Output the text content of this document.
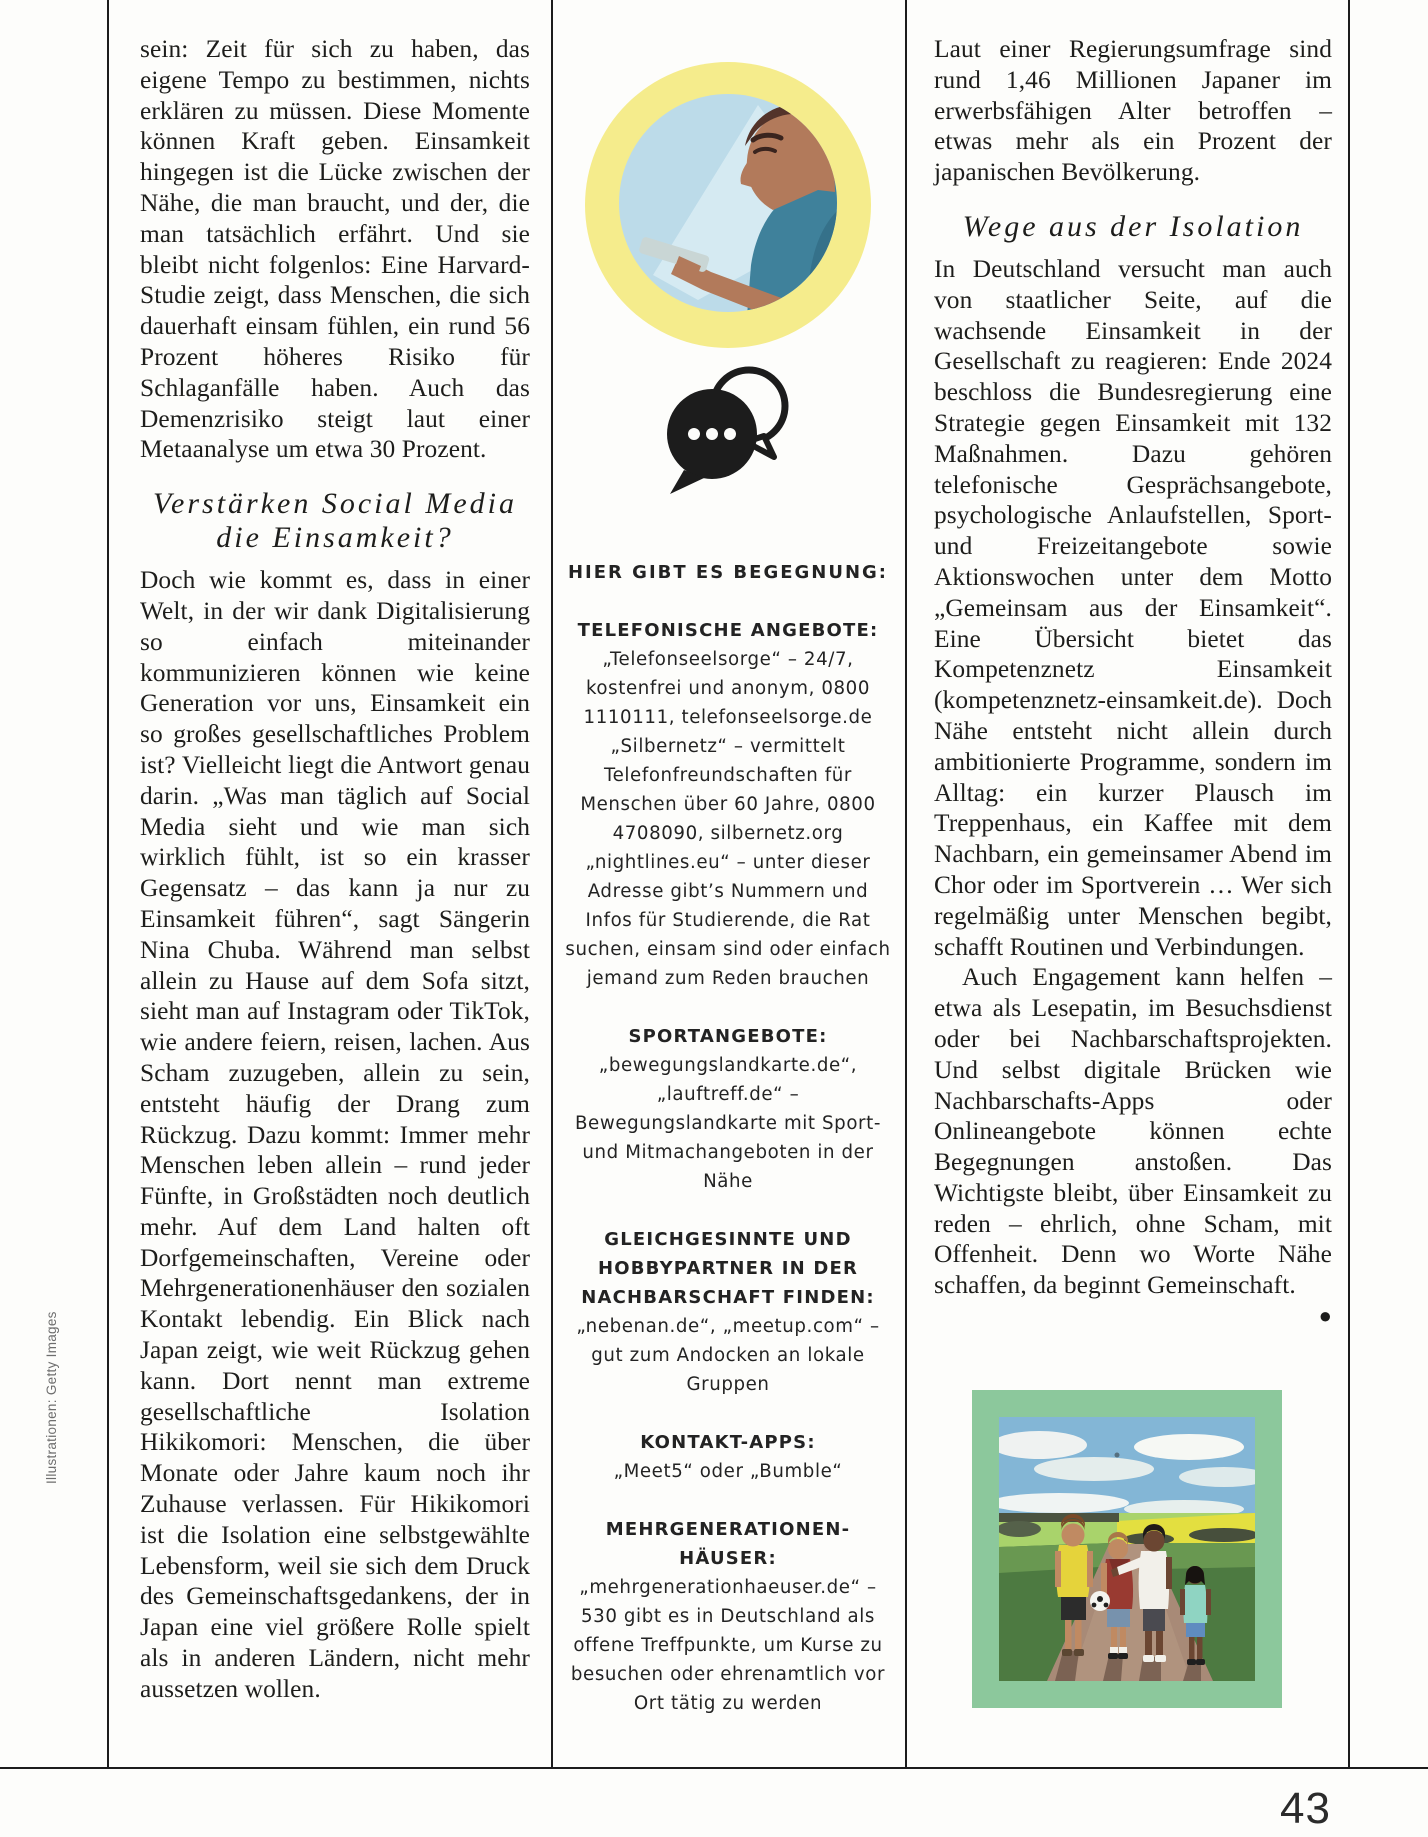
Illustrationen: Getty Images

sein: Zeit für sich zu haben, das eigene Tempo zu bestimmen, nichts erklären zu müssen. Diese Momente können Kraft geben. Einsamkeit hingegen ist die Lücke zwischen der Nähe, die man braucht, und der, die man tatsächlich erfährt. Und sie bleibt nicht folgenlos: Eine Harvard-Studie zeigt, dass Menschen, die sich dauerhaft einsam fühlen, ein rund 56 Prozent höheres Risiko für Schlaganfälle haben. Auch das Demenzrisiko steigt laut einer Metaanalyse um etwa 30 Prozent.

Verstärken Social Media die Einsamkeit?

Doch wie kommt es, dass in einer Welt, in der wir dank Digitalisierung so einfach miteinander kommunizieren können wie keine Generation vor uns, Einsamkeit ein so großes gesellschaftliches Problem ist? Vielleicht liegt die Antwort genau darin. „Was man täglich auf Social Media sieht und wie man sich wirklich fühlt, ist so ein krasser Gegensatz – das kann ja nur zu Einsamkeit führen“, sagt Sängerin Nina Chuba. Während man selbst allein zu Hause auf dem Sofa sitzt, sieht man auf Instagram oder TikTok, wie andere feiern, reisen, lachen. Aus Scham zuzugeben, allein zu sein, entsteht häufig der Drang zum Rückzug. Dazu kommt: Immer mehr Menschen leben allein – rund jeder Fünfte, in Großstädten noch deutlich mehr. Auf dem Land halten oft Dorfgemeinschaften, Vereine oder Mehrgenerationenhäuser den sozialen Kontakt lebendig. Ein Blick nach Japan zeigt, wie weit Rückzug gehen kann. Dort nennt man extreme gesellschaftliche Isolation Hikikomori: Menschen, die über Monate oder Jahre kaum noch ihr Zuhause verlassen. Für Hikikomori ist die Isolation eine selbstgewählte Lebensform, weil sie sich dem Druck des Gemeinschaftsgedankens, der in Japan eine viel größere Rolle spielt als in anderen Ländern, nicht mehr aussetzen wollen.

HIER GIBT ES BEGEGNUNG:
TELEFONISCHE ANGEBOTE:
„Telefonseelsorge“ – 24/7, kostenfrei und anonym, 0800 1110111, telefonseelsorge.de „Silbernetz“ – vermittelt Telefonfreundschaften für Menschen über 60 Jahre, 0800 4708090, silbernetz.org „nightlines.eu“ – unter dieser Adresse gibt’s Nummern und Infos für Studierende, die Rat suchen, einsam sind oder einfach jemand zum Reden brauchen
SPORTANGEBOTE:
„bewegungslandkarte.de“, „lauftreff.de“ – Bewegungslandkarte mit Sport- und Mitmachangeboten in der Nähe
GLEICHGESINNTE UND HOBBYPARTNER IN DER NACHBARSCHAFT FINDEN:
„nebenan.de“, „meetup.com“ – gut zum Andocken an lokale Gruppen
KONTAKT-APPS:
„Meet5“ oder „Bumble“
MEHRGENERATIONEN-HÄUSER:
„mehrgenerationhaeuser.de“ – 530 gibt es in Deutschland als offene Treffpunkte, um Kurse zu besuchen oder ehrenamtlich vor Ort tätig zu werden

Laut einer Regierungsumfrage sind rund 1,46 Millionen Japaner im erwerbsfähigen Alter betroffen – etwas mehr als ein Prozent der japanischen Bevölkerung.

Wege aus der Isolation

In Deutschland versucht man auch von staatlicher Seite, auf die wachsende Einsamkeit in der Gesellschaft zu reagieren: Ende 2024 beschloss die Bundesregierung eine Strategie gegen Einsamkeit mit 132 Maßnahmen. Dazu gehören telefonische Gesprächsangebote, psychologische Anlaufstellen, Sport- und Freizeitangebote sowie Aktionswochen unter dem Motto „Gemeinsam aus der Einsamkeit“. Eine Übersicht bietet das Kompetenznetz Einsamkeit (kompetenznetz-einsamkeit.de). Doch Nähe entsteht nicht allein durch ambitionierte Programme, sondern im Alltag: ein kurzer Plausch im Treppenhaus, ein Kaffee mit dem Nachbarn, ein gemeinsamer Abend im Chor oder im Sportverein … Wer sich regelmäßig unter Menschen begibt, schafft Routinen und Verbindungen.

Auch Engagement kann helfen – etwa als Lesepatin, im Besuchsdienst oder bei Nachbarschaftsprojekten. Und selbst digitale Brücken wie Nachbarschafts-Apps oder Onlineangebote können echte Begegnungen anstoßen. Das Wichtigste bleibt, über Einsamkeit zu reden – ehrlich, ohne Scham, mit Offenheit. Denn wo Worte Nähe schaffen, da beginnt Gemeinschaft.
●

43
